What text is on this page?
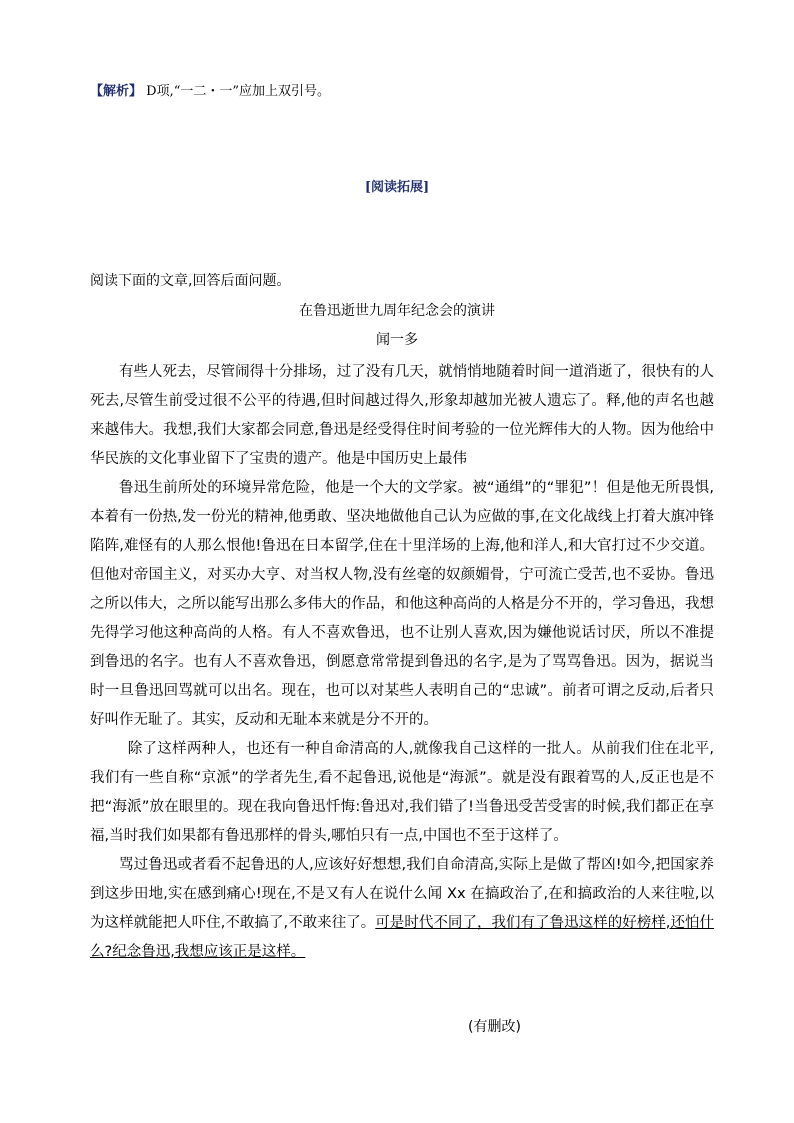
【解析】 D项,“一二・一”应加上双引号。
[阅读拓展]
阅读下面的文章,回答后面问题。
在鲁迅逝世九周年纪念会的演讲
闻一多

有些人死去，尽管闹得十分排场，过了没有几天，就悄悄地随着时间一道消逝了，很快有的人死去,尽管生前受过很不公平的待遇,但时间越过得久,形象却越加光被人遗忘了。释,他的声名也越来越伟大。我想,我们大家都会同意,鲁迅是经受得住时间考验的一位光辉伟大的人物。因为他给中华民族的文化事业留下了宝贵的遗产。他是中国历史上最伟

鲁迅生前所处的环境异常危险，他是一个大的文学家。被“通缉”的“罪犯”！但是他无所畏惧,本着有一份热,发一份光的精神,他勇敢、坚决地做他自己认为应做的事,在文化战线上打着大旗冲锋陷阵,难怪有的人那么恨他!鲁迅在日本留学,住在十里洋场的上海,他和洋人,和大官打过不少交道。但他对帝国主义，对买办大亨、对当权人物,没有丝毫的奴颜媚骨，宁可流亡受苦,也不妥协。鲁迅之所以伟大，之所以能写出那么多伟大的作品，和他这种高尚的人格是分不开的，学习鲁迅，我想先得学习他这种高尚的人格。有人不喜欢鲁迅，也不让别人喜欢,因为嫌他说话讨厌，所以不准提到鲁迅的名字。也有人不喜欢鲁迅，倒愿意常常提到鲁迅的名字,是为了骂骂鲁迅。因为，据说当时一旦鲁迅回骂就可以出名。现在，也可以对某些人表明自己的“忠诚”。前者可谓之反动,后者只好叫作无耻了。其实，反动和无耻本来就是分不开的。

除了这样两种人，也还有一种自命清高的人,就像我自己这样的一批人。从前我们住在北平,我们有一些自称“京派”的学者先生,看不起鲁迅,说他是“海派”。就是没有跟着骂的人,反正也是不把“海派”放在眼里的。现在我向鲁迅忏悔:鲁迅对,我们错了!当鲁迅受苦受害的时候,我们都正在享福,当时我们如果都有鲁迅那样的骨头,哪怕只有一点,中国也不至于这样了。

骂过鲁迅或者看不起鲁迅的人,应该好好想想,我们自命清高,实际上是做了帮凶!如今,把国家养到这步田地,实在感到痛心!现在,不是又有人在说什么闻 Xx 在搞政治了,在和搞政治的人来往啦,以为这样就能把人吓住,不敢搞了,不敢来往了。可是时代不同了，我们有了鲁迅这样的好榜样,还怕什么?纪念鲁迅,我想应该正是这样。

(有删改)
